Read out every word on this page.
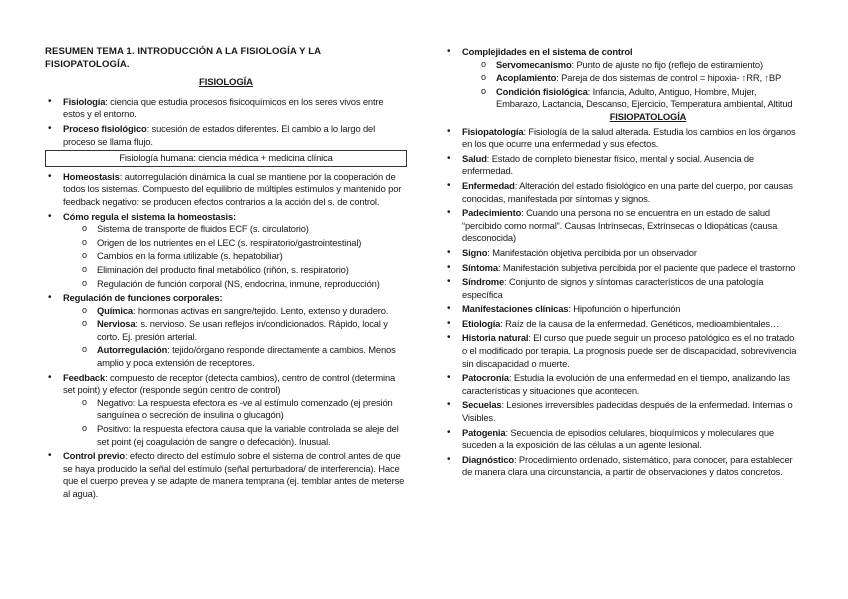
RESUMEN TEMA 1. INTRODUCCIÓN A LA FISIOLOGÍA Y LA FISIOPATOLOGÍA.
FISIOLOGÍA
• Fisiología: ciencia que estudia procesos fisicoquímicos en los seres vivos entre estos y el entorno.
• Proceso fisiológico: sucesión de estados diferentes. El cambio a lo largo del proceso se llama flujo.
Fisiología humana: ciencia médica + medicina clínica
• Homeostasis: autorregulación dinámica la cual se mantiene por la cooperación de todos los sistemas. Compuesto del equilibrio de múltiples estímulos y mantenido por feedback negativo: se producen efectos contrarios a la acción del s. de control.
• Cómo regula el sistema la homeostasis:
o Sistema de transporte de fluidos ECF (s. circulatorio)
o Origen de los nutrientes en el LEC (s. respiratorio/gastrointestinal)
o Cambios en la forma utilizable (s. hepatobiliar)
o Eliminación del producto final metabólico (riñón, s. respiratorio)
o Regulación de función corporal (NS, endocrina, inmune, reproducción)
• Regulación de funciones corporales:
o Química: hormonas activas en sangre/tejido. Lento, extenso y duradero.
o Nerviosa: s. nervioso. Se usan reflejos in/condicionados. Rápido, local y corto. Ej. presión arterial.
o Autorregulación: tejido/órgano responde directamente a cambios. Menos amplio y poca extensión de receptores.
• Feedback: compuesto de receptor (detecta cambios), centro de control (determina set point) y efector (responde según centro de control)
o Negativo: La respuesta efectora es -ve al estímulo comenzado (ej presión sanguínea o secreción de insulina o glucagón)
o Positivo: la respuesta efectora causa que la variable controlada se aleje del set point (ej coagulación de sangre o defecación). Inusual.
• Control previo: efecto directo del estímulo sobre el sistema de control antes de que se haya producido la señal del estímulo (señal perturbadora/ de interferencia). Hace que el cuerpo prevea y se adapte de manera temprana (ej. temblar antes de meterse al agua).
• Complejidades en el sistema de control
o Servomecanismo: Punto de ajuste no fijo (reflejo de estiramiento)
o Acoplamiento: Pareja de dos sistemas de control = hipoxia- ↑RR, ↑BP
o Condición fisiológica: Infancia, Adulto, Antiguo, Hombre, Mujer, Embarazo, Lactancia, Descanso, Ejercicio, Temperatura ambiental, Altitud
FISIOPATOLOGÍA
• Fisiopatología: Fisiología de la salud alterada. Estudia los cambios en los órganos en los que ocurre una enfermedad y sus efectos.
• Salud: Estado de completo bienestar físico, mental y social. Ausencia de enfermedad.
• Enfermedad: Alteración del estado fisiológico en una parte del cuerpo, por causas conocidas, manifestada por síntomas y signos.
• Padecimiento: Cuando una persona no se encuentra en un estado de salud “percibido como normal”. Causas Intrínsecas, Extrínsecas o Idiopáticas (causa desconocida)
• Signo: Manifestación objetiva percibida por un observador
• Síntoma: Manifestación subjetiva percibida por el paciente que padece el trastorno
• Síndrome: Conjunto de signos y síntomas característicos de una patología específica
• Manifestaciones clínicas: Hipofunción o hiperfunción
• Etiología: Raíz de la causa de la enfermedad. Genéticos, medioambientales…
• Historia natural: El curso que puede seguir un proceso patológico es el no tratado o el modificado por terapia. La prognosis puede ser de discapacidad, sobrevivencia sin discapacidad o muerte.
• Patocronía: Estudia la evolución de una enfermedad en el tiempo, analizando las características y situaciones que acontecen.
• Secuelas: Lesiones irreversibles padecidas después de la enfermedad. Internas o Visibles.
• Patogenia: Secuencia de episodios celulares, bioquímicos y moleculares que suceden a la exposición de las células a un agente lesional.
• Diagnóstico: Procedimiento ordenado, sistemático, para conocer, para establecer de manera clara una circunstancia, a partir de observaciones y datos concretos.
